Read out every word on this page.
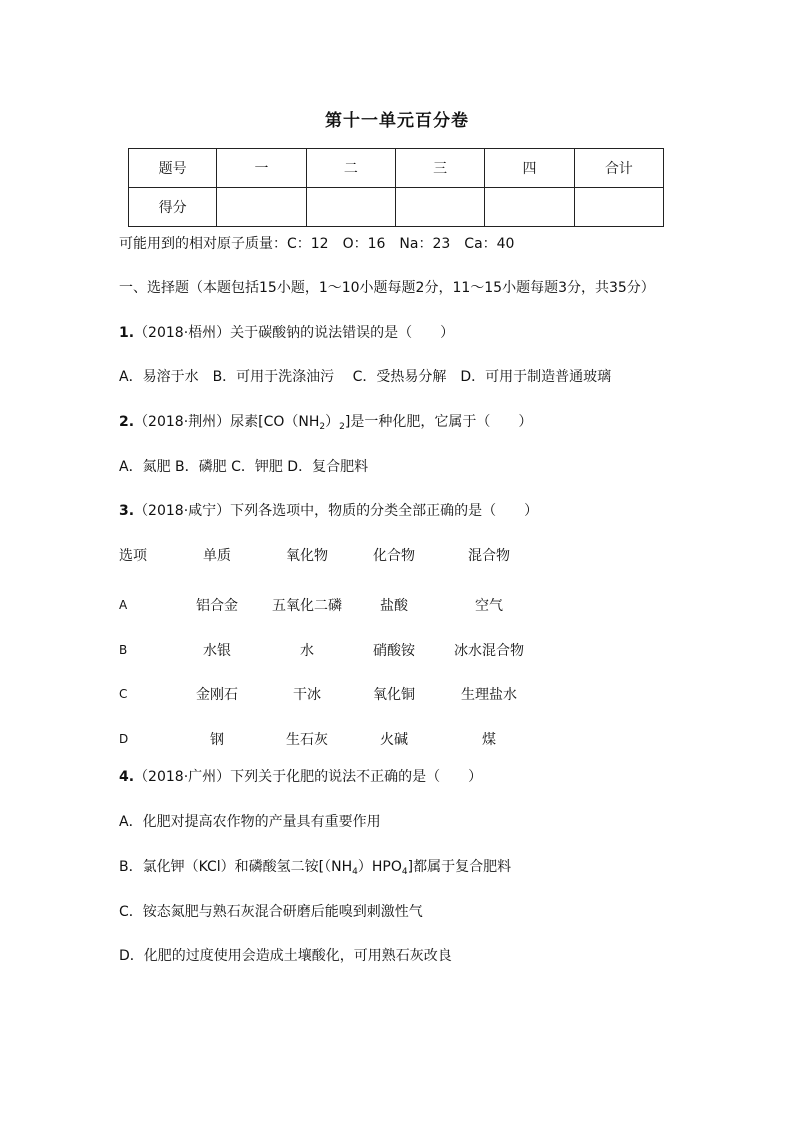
第十一单元百分卷
题号	一	二	三	四	合计
得分					
可能用到的相对原子质量：C：12　O：16　Na：23　Ca：40
一、选择题（本题包括15小题，1～10小题每题2分，11～15小题每题3分，共35分）
1.（2018·梧州）关于碳酸钠的说法错误的是（　　）
A．易溶于水　B．可用于洗涤油污　 C．受热易分解　D．可用于制造普通玻璃
2.（2018·荆州）尿素$[CO(NH_2)_2]$是一种化肥，它属于（　　）
A．氮肥 B．磷肥 C．钾肥 D．复合肥料
3.（2018·咸宁）下列各选项中，物质的分类全部正确的是（　　）
选项	单质	氧化物	化合物	混合物
A	铝合金	五氧化二磷	盐酸	空气
B	水银	水	硝酸铵	冰水混合物
C	金刚石	干冰	氧化铜	生理盐水
D	钢	生石灰	火碱	煤
4.（2018·广州）下列关于化肥的说法不正确的是（　　）
A．化肥对提高农作物的产量具有重要作用
B．氯化钾（KCl）和磷酸氢二铵$[(NH_4)HPO_4]$都属于复合肥料
C．铵态氮肥与熟石灰混合研磨后能嗅到刺激性气
D．化肥的过度使用会造成土壤酸化，可用熟石灰改良
